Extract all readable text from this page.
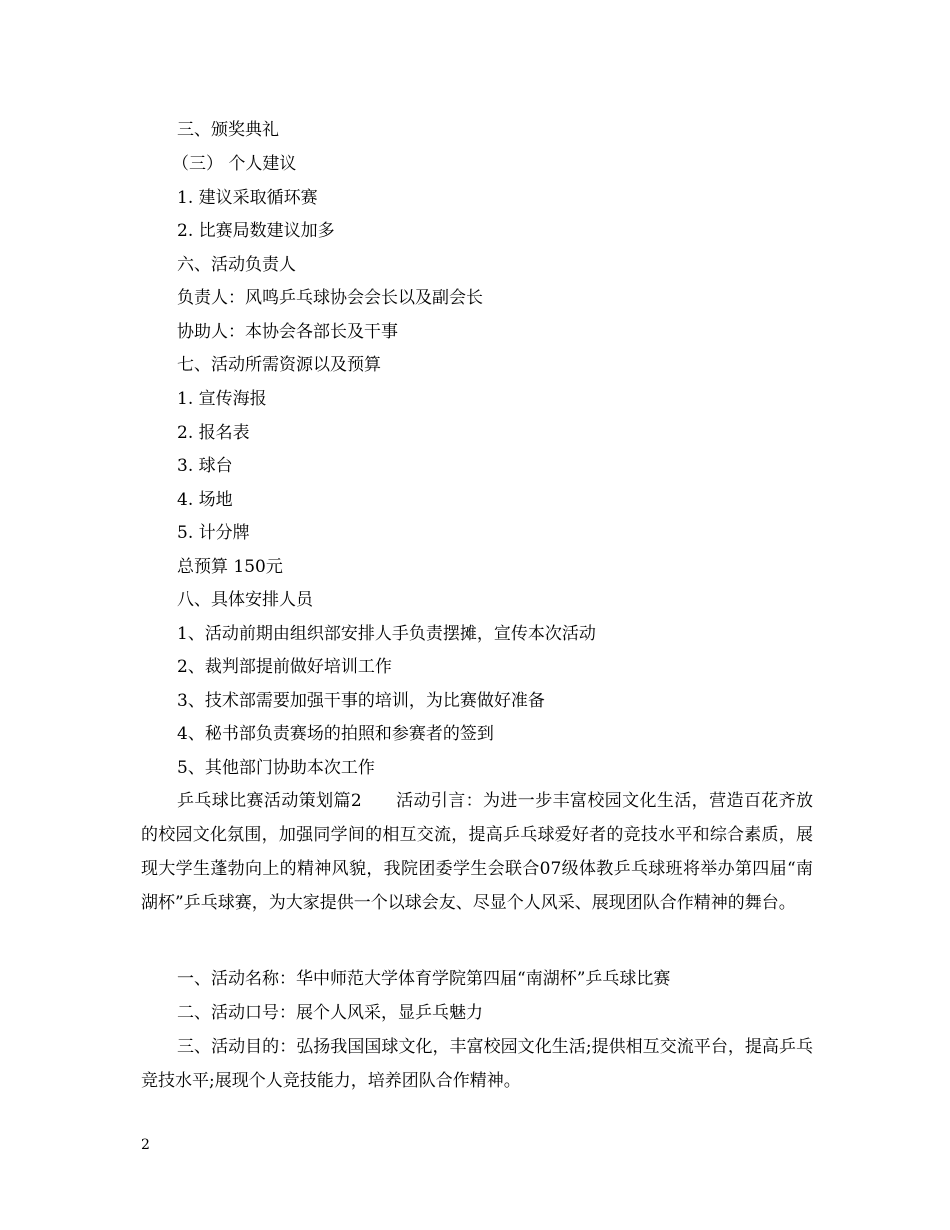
三、颁奖典礼
（三） 个人建议
1. 建议采取循环赛
2. 比赛局数建议加多
六、活动负责人
负责人：风鸣乒乓球协会会长以及副会长
协助人：本协会各部长及干事
七、活动所需资源以及预算
1. 宣传海报
2. 报名表
3. 球台
4. 场地
5. 计分牌
总预算 150元
八、具体安排人员
1、活动前期由组织部安排人手负责摆摊，宣传本次活动
2、裁判部提前做好培训工作
3、技术部需要加强干事的培训，为比赛做好准备
4、秘书部负责赛场的拍照和参赛者的签到
5、其他部门协助本次工作
乒乓球比赛活动策划篇2 活动引言：为进一步丰富校园文化生活，营造百花齐放的校园文化氛围，加强同学间的相互交流，提高乒乓球爱好者的竞技水平和综合素质，展现大学生蓬勃向上的精神风貌，我院团委学生会联合07级体教乒乓球班将举办第四届“南湖杯”乒乓球赛，为大家提供一个以球会友、尽显个人风采、展现团队合作精神的舞台。
一、活动名称：华中师范大学体育学院第四届“南湖杯”乒乓球比赛
二、活动口号：展个人风采，显乒乓魅力
三、活动目的：弘扬我国国球文化，丰富校园文化生活;提供相互交流平台，提高乒乓竞技水平;展现个人竞技能力，培养团队合作精神。
2
